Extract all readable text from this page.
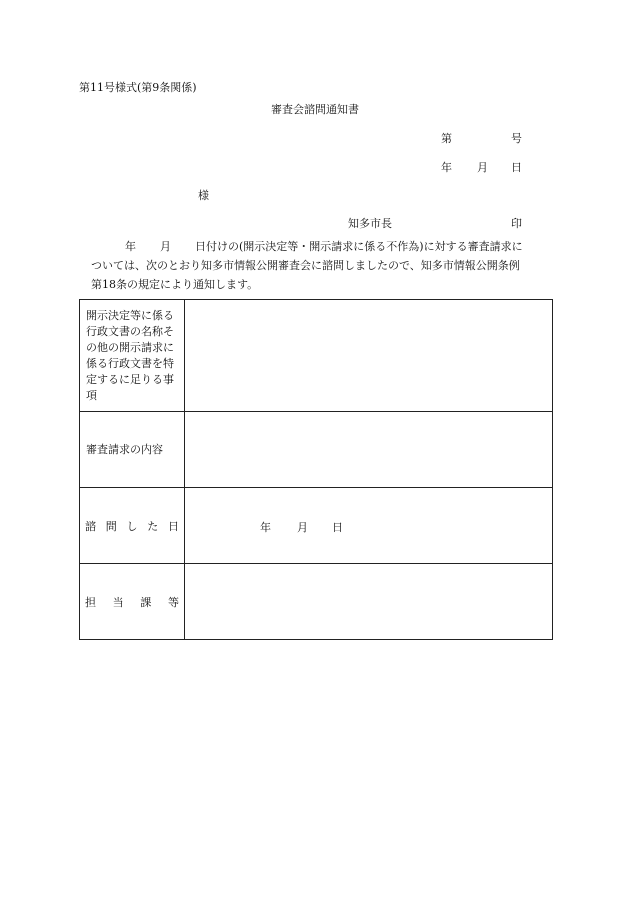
第11号様式(第9条関係)
審査会諮問通知書
第	号
年 月 日
様
知多市長	印
年 月 日付けの(開示決定等・開示請求に係る不作為)に対する審査請求に
ついては、次のとおり知多市情報公開審査会に諮問しましたので、知多市情報公開条例
第18条の規定により通知します。
開示決定等に係る行政文書の名称その他の開示請求に係る行政文書を特定するに足りる事項	

審査請求の内容	

諮 問 し た 日	年 月 日

担 当 課 等	
